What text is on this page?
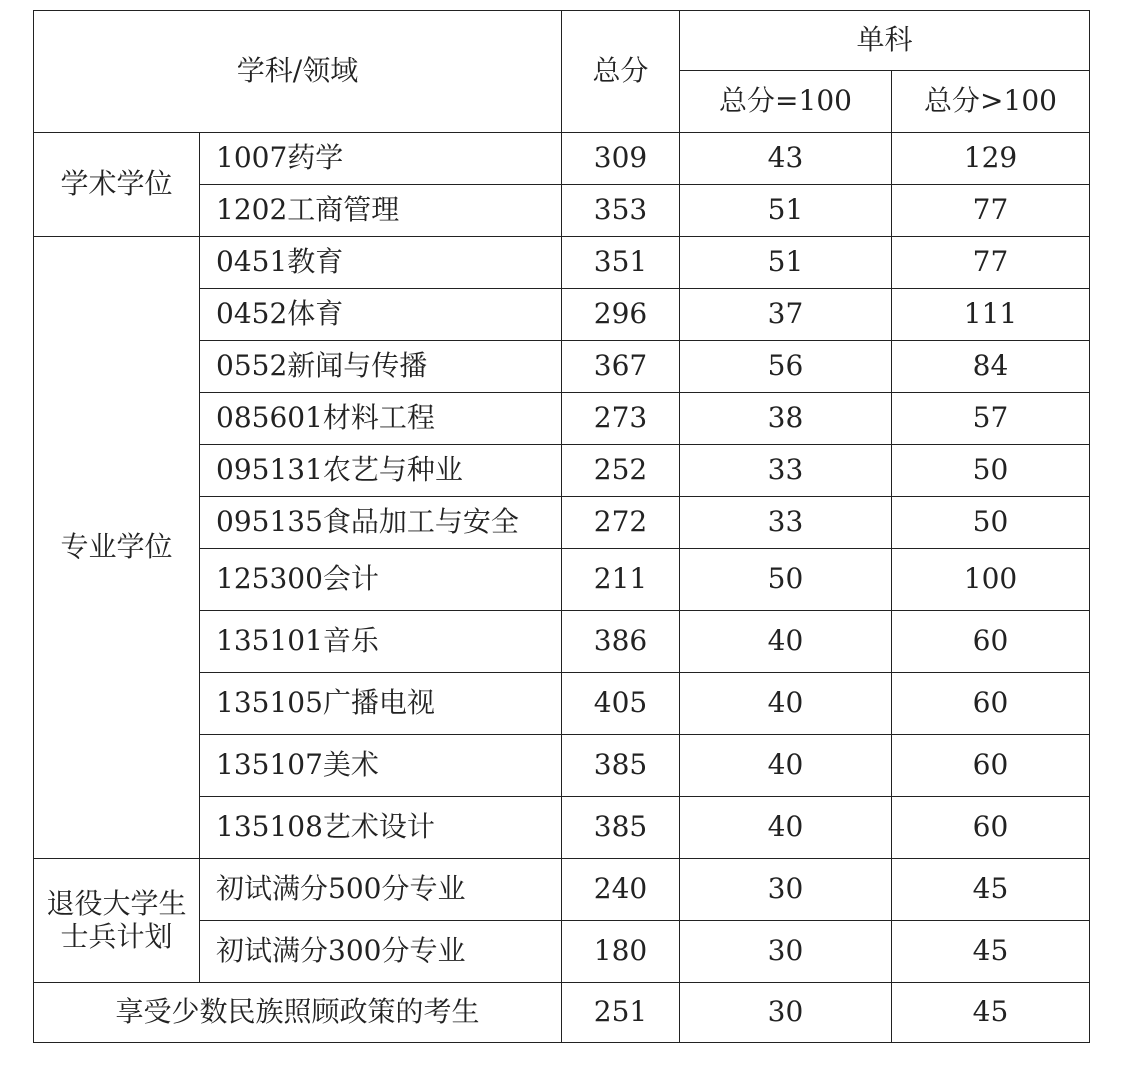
学科/领域		总分	单科	
			总分=100	总分>100
学术学位	1007药学	309	43	129
	1202工商管理	353	51	77
专业学位	0451教育	351	51	77
	0452体育	296	37	111
	0552新闻与传播	367	56	84
	085601材料工程	273	38	57
	095131农艺与种业	252	33	50
	095135食品加工与安全	272	33	50
	125300会计	211	50	100
	135101音乐	386	40	60
	135105广播电视	405	40	60
	135107美术	385	40	60
	135108艺术设计	385	40	60
退役大学生士兵计划	初试满分500分专业	240	30	45
	初试满分300分专业	180	30	45
享受少数民族照顾政策的考生		251	30	45
